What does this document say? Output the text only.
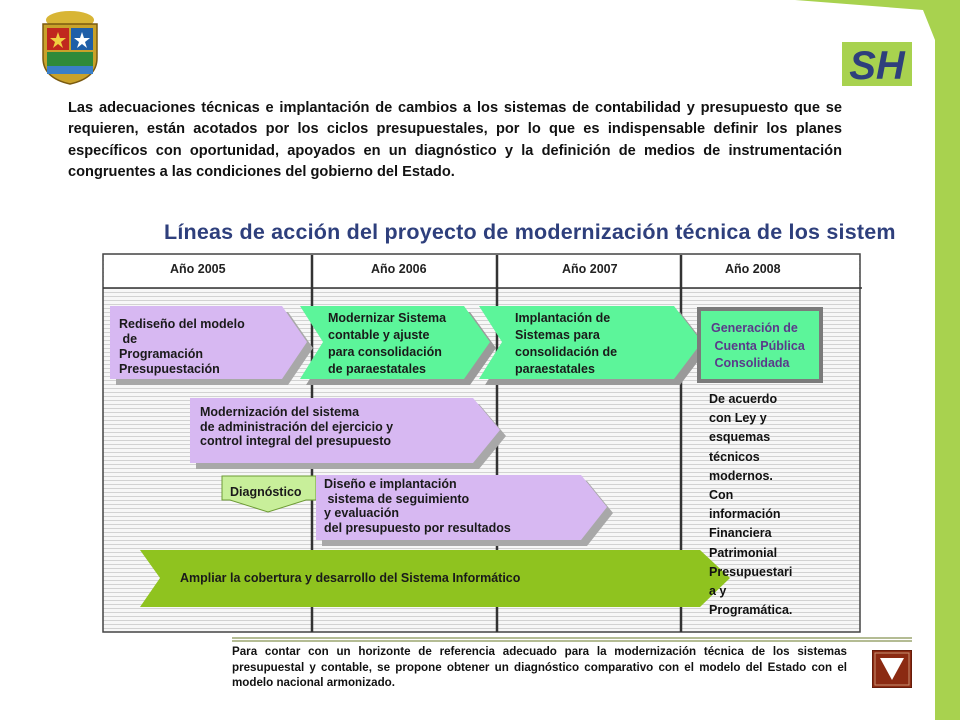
SH
Las adecuaciones técnicas e implantación de cambios a los sistemas de contabilidad y presupuesto que se requieren, están acotados por los ciclos presupuestales, por lo que es indispensable definir los planes específicos con oportunidad, apoyados en un diagnóstico y la definición de medios de instrumentación congruentes a las condiciones del gobierno del Estado.
Líneas de acción del proyecto de modernización técnica de los sistem
Año 2005	Año 2006	Año 2007	Año 2008
Rediseño del modelo
de
Programación
Presupuestación
Modernizar Sistema
contable y ajuste
para consolidación
de paraestatales
Implantación de
Sistemas para
consolidación de
paraestatales
Generación de
Cuenta Pública
Consolidada
Modernización del sistema
de administración del ejercicio y
control integral del presupuesto
Diagnóstico
Diseño e implantación
sistema de seguimiento
y evaluación
del presupuesto por resultados
Ampliar la cobertura y desarrollo del Sistema Informático
De acuerdo
con Ley y
esquemas
técnicos
modernos.
Con
información
Financiera
Patrimonial
Presupuestari
a y
Programática.
Para contar con un horizonte de referencia adecuado para la modernización técnica de los sistemas presupuestal y contable, se propone obtener un diagnóstico comparativo con el modelo del Estado con el modelo nacional armonizado.
